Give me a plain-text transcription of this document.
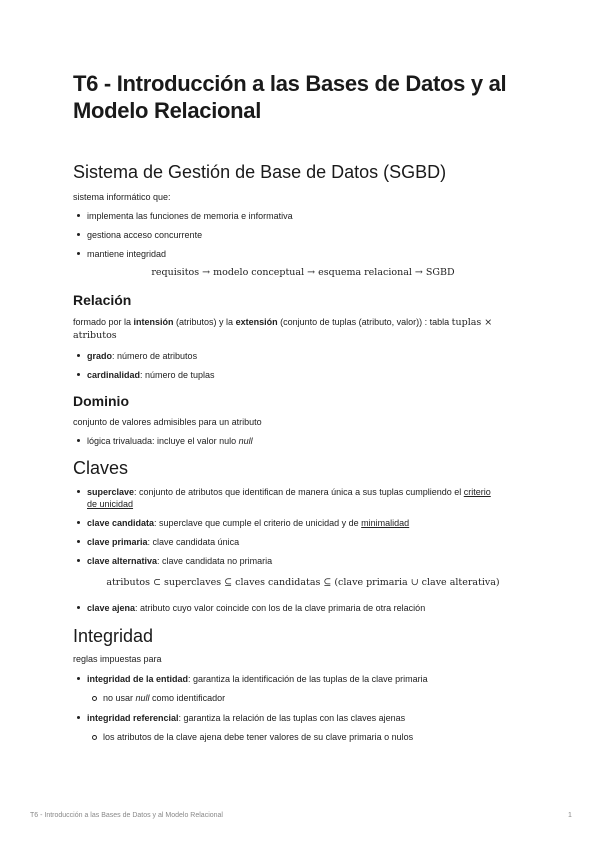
T6 - Introducción a las Bases de Datos y al Modelo Relacional
Sistema de Gestión de Base de Datos (SGBD)

sistema informático que:

implementa las funciones de memoria e informativa
gestiona acceso concurrente
mantiene integridad
requisitos → modelo conceptual → esquema relacional → SGBD
Relación

formado por la intensión (atributos) y la extensión (conjunto de tuplas (atributo, valor)) : tabla tuplas ×
atributos

grado: número de atributos
cardinalidad: número de tuplas
Dominio

conjunto de valores admisibles para un atributo

lógica trivaluada: incluye el valor nulo null
Claves
superclave: conjunto de atributos que identifican de manera única a sus tuplas cumpliendo el criterio
de unicidad
clave candidata: superclave que cumple el criterio de unicidad y de minimalidad
clave primaria: clave candidata única
clave alternativa: clave candidata no primaria
atributos ⊂ superclaves ⊆ claves candidatas ⊆ (clave primaria ∪ clave alterativa)
clave ajena: atributo cuyo valor coincide con los de la clave primaria de otra relación
Integridad

reglas impuestas para

integridad de la entidad: garantiza la identificación de las tuplas de la clave primaria
no usar null como identificador
integridad referencial: garantiza la relación de las tuplas con las claves ajenas
los atributos de la clave ajena debe tener valores de su clave primaria o nulos
T6 - Introducción a las Bases de Datos y al Modelo Relacional	1
